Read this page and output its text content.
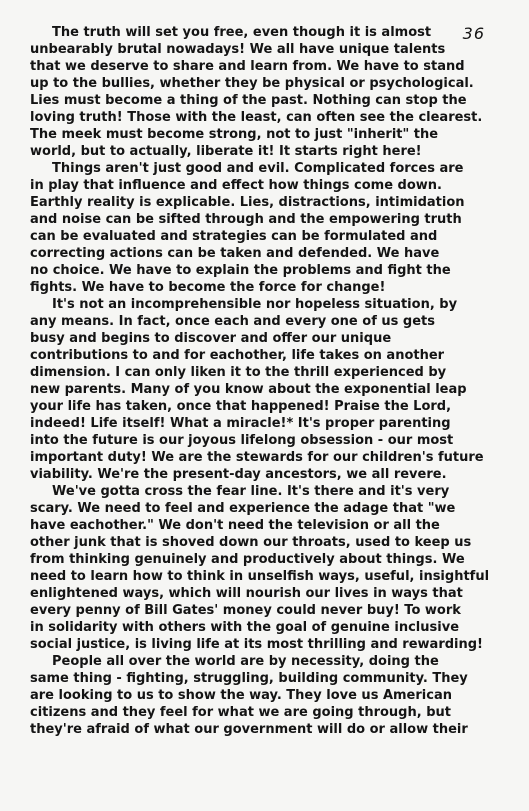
36
The truth will set you free, even though it is almost
unbearably brutal nowadays! We all have unique talents
that we deserve to share and learn from. We have to stand
up to the bullies, whether they be physical or psychological.
Lies must become a thing of the past. Nothing can stop the
loving truth! Those with the least, can often see the clearest.
The meek must become strong, not to just "inherit" the
world, but to actually, liberate it! It starts right here!
Things aren't just good and evil. Complicated forces are
in play that influence and effect how things come down.
Earthly reality is explicable. Lies, distractions, intimidation
and noise can be sifted through and the empowering truth
can be evaluated and strategies can be formulated and
correcting actions can be taken and defended. We have
no choice. We have to explain the problems and fight the
fights. We have to become the force for change!
It's not an incomprehensible nor hopeless situation, by
any means. In fact, once each and every one of us gets
busy and begins to discover and offer our unique
contributions to and for eachother, life takes on another
dimension. I can only liken it to the thrill experienced by
new parents. Many of you know about the exponential leap
your life has taken, once that happened! Praise the Lord,
indeed! Life itself! What a miracle!* It's proper parenting
into the future is our joyous lifelong obsession - our most
important duty! We are the stewards for our children's future
viability. We're the present-day ancestors, we all revere.
We've gotta cross the fear line. It's there and it's very
scary. We need to feel and experience the adage that "we
have eachother." We don't need the television or all the
other junk that is shoved down our throats, used to keep us
from thinking genuinely and productively about things. We
need to learn how to think in unselfish ways, useful, insightful
enlightened ways, which will nourish our lives in ways that
every penny of Bill Gates' money could never buy! To work
in solidarity with others with the goal of genuine inclusive
social justice, is living life at its most thrilling and rewarding!
People all over the world are by necessity, doing the
same thing - fighting, struggling, building community. They
are looking to us to show the way. They love us American
citizens and they feel for what we are going through, but
they're afraid of what our government will do or allow their
